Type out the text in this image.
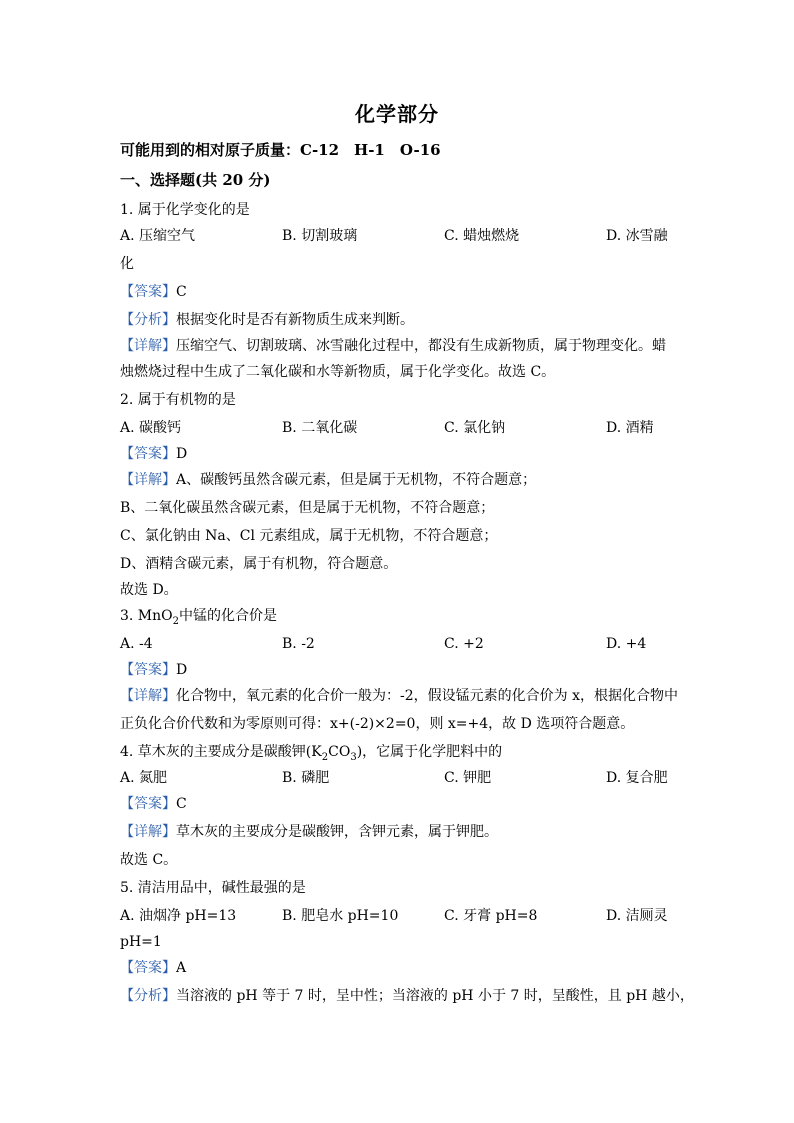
化学部分
可能用到的相对原子质量：C-12　H-1　O-16
一、选择题(共 20 分)
1. 属于化学变化的是
A. 压缩空气	B. 切割玻璃	C. 蜡烛燃烧	D. 冰雪融
化
【答案】C
【分析】根据变化时是否有新物质生成来判断。
【详解】压缩空气、切割玻璃、冰雪融化过程中，都没有生成新物质，属于物理变化。蜡
烛燃烧过程中生成了二氧化碳和水等新物质，属于化学变化。故选 C。
2. 属于有机物的是
A. 碳酸钙	B. 二氧化碳	C. 氯化钠	D. 酒精
【答案】D
【详解】A、碳酸钙虽然含碳元素，但是属于无机物，不符合题意；
B、二氧化碳虽然含碳元素，但是属于无机物，不符合题意；
C、氯化钠由 Na、Cl 元素组成，属于无机物，不符合题意；
D、酒精含碳元素，属于有机物，符合题意。
故选 D。
3. MnO$_2$中锰的化合价是
A. -4	B. -2	C. +2	D. +4
【答案】D
【详解】化合物中，氧元素的化合价一般为：-2，假设锰元素的化合价为 x，根据化合物中
正负化合价代数和为零原则可得：x+(-2)×2=0，则 x=+4，故 D 选项符合题意。
4. 草木灰的主要成分是碳酸钾$(K_2CO_3)$，它属于化学肥料中的
A. 氮肥	B. 磷肥	C. 钾肥	D. 复合肥
【答案】C
【详解】草木灰的主要成分是碳酸钾，含钾元素，属于钾肥。
故选 C。
5. 清洁用品中，碱性最强的是
A. 油烟净 pH=13	B. 肥皂水 pH=10	C. 牙膏 pH=8	D. 洁厕灵
pH=1
【答案】A
【分析】当溶液的 pH 等于 7 时，呈中性；当溶液的 pH 小于 7 时，呈酸性，且 pH 越小，
